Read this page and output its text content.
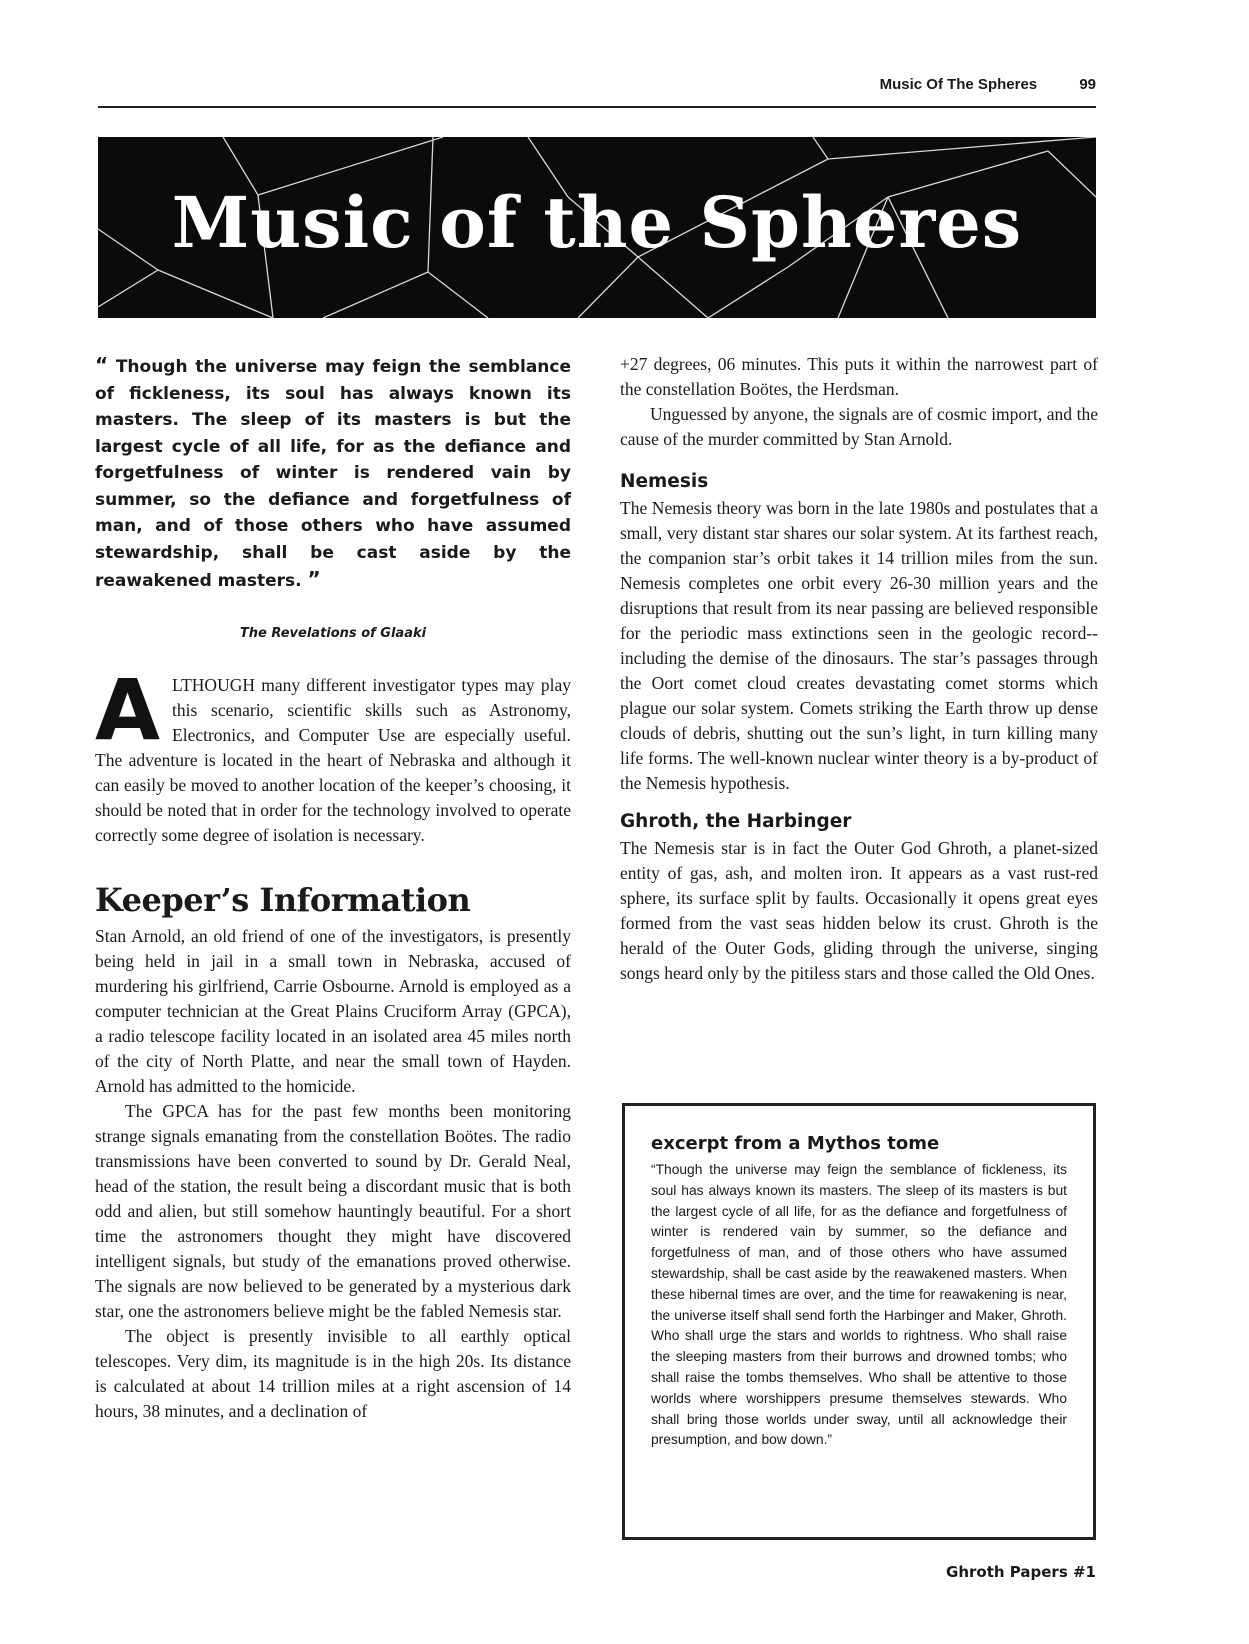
Music Of The Spheres	99
Music of the Spheres
“ Though the universe may feign the semblance of fickleness, its soul has always known its masters. The sleep of its masters is but the largest cycle of all life, for as the defiance and forgetfulness of winter is rendered vain by summer, so the defiance and forgetfulness of man, and of those others who have assumed stewardship, shall be cast aside by the reawakened masters. ”
The Revelations of Glaaki
A LTHOUGH many different investigator types may play this scenario, scientific skills such as Astronomy, Electronics, and Computer Use are especially useful. The adventure is located in the heart of Nebraska and although it can easily be moved to another location of the keeper’s choosing, it should be noted that in order for the technology involved to operate correctly some degree of isolation is necessary.
Keeper’s Information

Stan Arnold, an old friend of one of the investigators, is presently being held in jail in a small town in Nebraska, accused of murdering his girlfriend, Carrie Osbourne. Arnold is employed as a computer technician at the Great Plains Cruciform Array (GPCA), a radio telescope facility located in an isolated area 45 miles north of the city of North Platte, and near the small town of Hayden. Arnold has admitted to the homicide.

The GPCA has for the past few months been monitoring strange signals emanating from the constellation Boötes. The radio transmissions have been converted to sound by Dr. Gerald Neal, head of the station, the result being a discordant music that is both odd and alien, but still somehow hauntingly beautiful. For a short time the astronomers thought they might have discovered intelligent signals, but study of the emanations proved otherwise. The signals are now believed to be generated by a mysterious dark star, one the astronomers believe might be the fabled Nemesis star.

The object is presently invisible to all earthly optical telescopes. Very dim, its magnitude is in the high 20s. Its distance is calculated at about 14 trillion miles at a right ascension of 14 hours, 38 minutes, and a declination of

+27 degrees, 06 minutes. This puts it within the narrowest part of the constellation Boötes, the Herdsman.

Unguessed by anyone, the signals are of cosmic import, and the cause of the murder committed by Stan Arnold.

Nemesis

The Nemesis theory was born in the late 1980s and postulates that a small, very distant star shares our solar system. At its farthest reach, the companion star’s orbit takes it 14 trillion miles from the sun. Nemesis completes one orbit every 26-30 million years and the disruptions that result from its near passing are believed responsible for the periodic mass extinctions seen in the geologic record--including the demise of the dinosaurs. The star’s passages through the Oort comet cloud creates devastating comet storms which plague our solar system. Comets striking the Earth throw up dense clouds of debris, shutting out the sun’s light, in turn killing many life forms. The well-known nuclear winter theory is a by-product of the Nemesis hypothesis.

Ghroth, the Harbinger

The Nemesis star is in fact the Outer God Ghroth, a planet-sized entity of gas, ash, and molten iron. It appears as a vast rust-red sphere, its surface split by faults. Occasionally it opens great eyes formed from the vast seas hidden below its crust. Ghroth is the herald of the Outer Gods, gliding through the universe, singing songs heard only by the pitiless stars and those called the Old Ones.

excerpt from a Mythos tome
“Though the universe may feign the semblance of fickleness, its soul has always known its masters. The sleep of its masters is but the largest cycle of all life, for as the defiance and forgetfulness of winter is rendered vain by summer, so the defiance and forgetfulness of man, and of those others who have assumed stewardship, shall be cast aside by the reawakened masters. When these hibernal times are over, and the time for reawakening is near, the universe itself shall send forth the Harbinger and Maker, Ghroth. Who shall urge the stars and worlds to rightness. Who shall raise the sleeping masters from their burrows and drowned tombs; who shall raise the tombs themselves. Who shall be attentive to those worlds where worshippers presume themselves stewards. Who shall bring those worlds under sway, until all acknowledge their presumption, and bow down.”
Ghroth Papers #1
